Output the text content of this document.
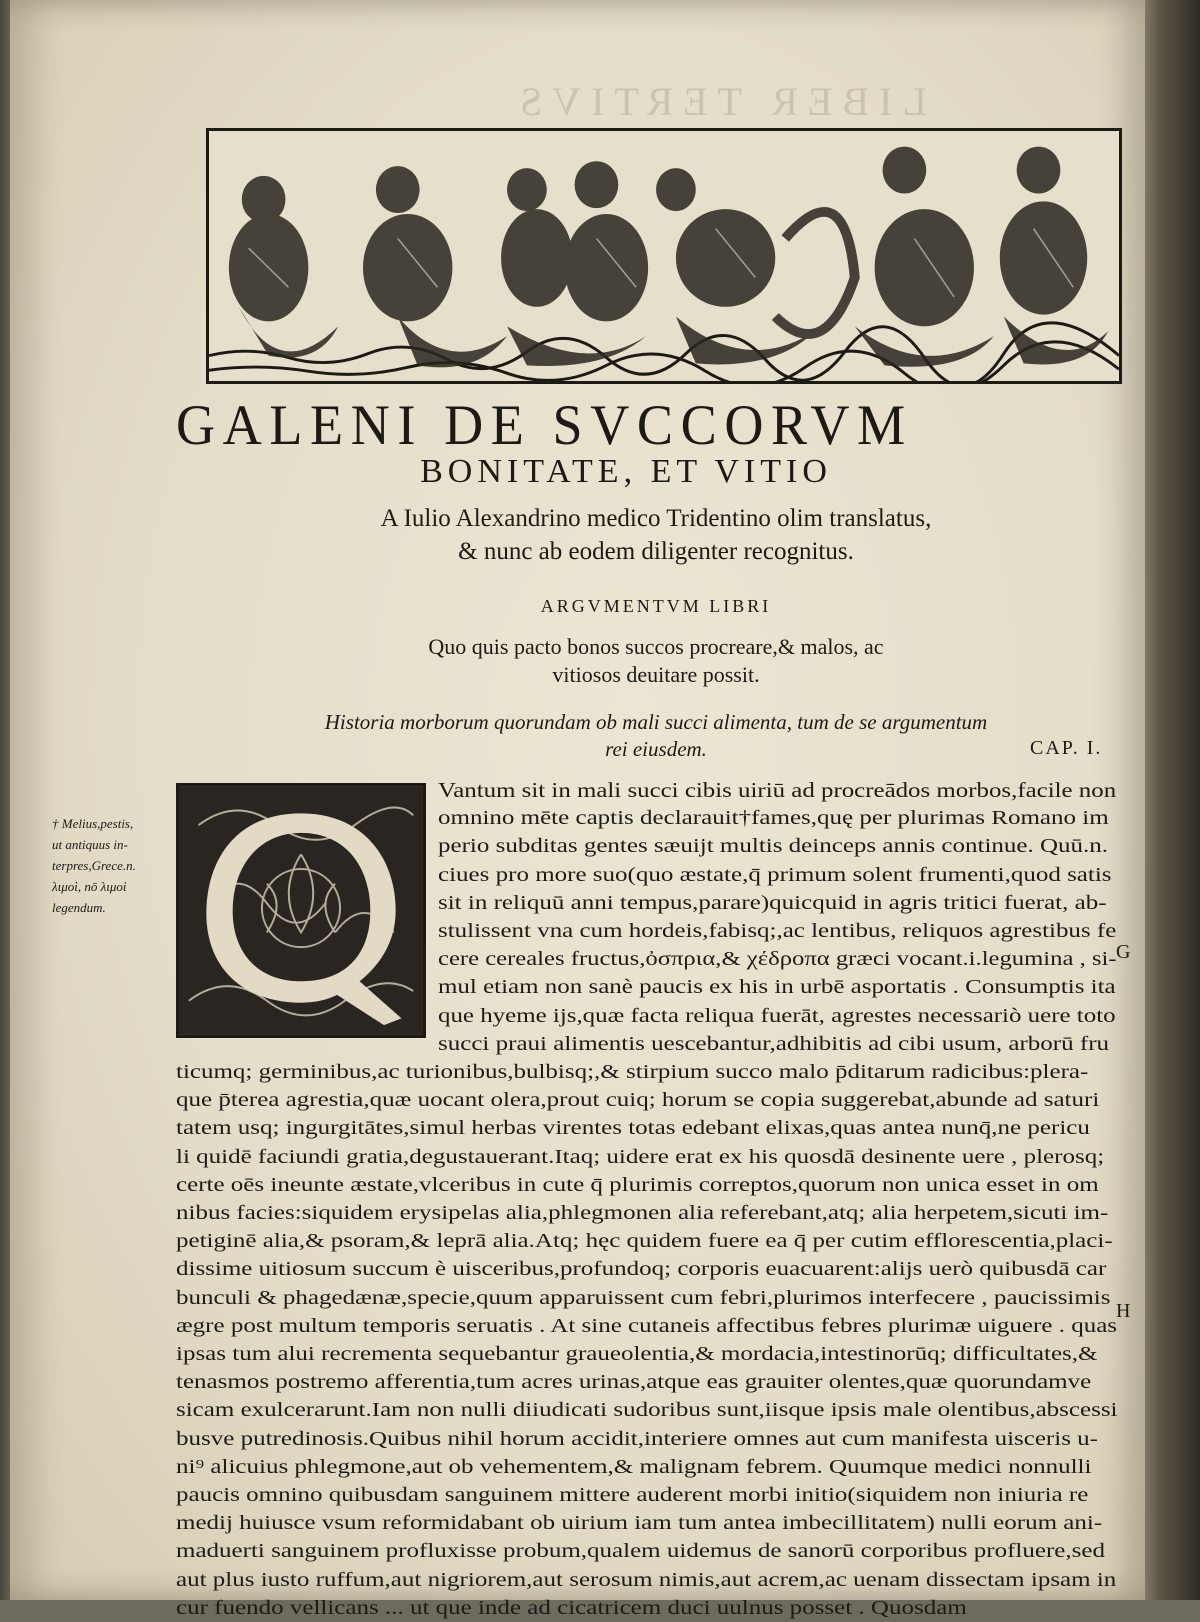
LIBER TERTIVS
GALENI DE SVCCORVM
BONITATE, ET VITIO
A Iulio Alexandrino medico Tridentino olim translatus,
& nunc ab eodem diligenter recognitus.
ARGVMENTVM LIBRI
Quo quis pacto bonos succos procreare,& malos, ac
vitiosos deuitare possit.
Historia morborum quorundam ob mali succi alimenta, tum de se argumentum
rei eiusdem.	CAP. I.
† Melius,pestis,
ut antiquus in-
terpres,Grece.n.
λιμοὶ, nō λιμοὶ
legendum.
Vantum sit in mali succi cibis uiriū ad procreādos morbos,facile non
omnino mēte captis declarauit†fames,quę per plurimas Romano im
perio subditas gentes sæuijt multis deinceps annis continue. Quū.n.
ciues pro more suo(quo æstate,q̄ primum solent frumenti,quod satis
sit in reliquū anni tempus,parare)quicquid in agris tritici fuerat, ab-
stulissent vna cum hordeis,fabisq;,ac lentibus, reliquos agrestibus fe
cere cereales fructus,ὀσπρια,& χέδροπα græci vocant.i.legumina , si-
mul etiam non sanè paucis ex his in urbē asportatis . Consumptis ita
que hyeme ijs,quæ facta reliqua fuerāt, agrestes necessariò uere toto
succi praui alimentis uescebantur,adhibitis ad cibi usum, arborū fru
ticumq; germinibus,ac turionibus,bulbisq;,& stirpium succo malo p̄ditarum radicibus:plera-
que p̄terea agrestia,quæ uocant olera,prout cuiq; horum se copia suggerebat,abunde ad saturi
tatem usq; ingurgitātes,simul herbas virentes totas edebant elixas,quas antea nunq̄,ne pericu
li quidē faciundi gratia,degustauerant.Itaq; uidere erat ex his quosdā desinente uere , plerosq;
certe oēs ineunte æstate,vlceribus in cute q̄ plurimis correptos,quorum non unica esset in om
nibus facies:siquidem erysipelas alia,phlegmonen alia referebant,atq; alia herpetem,sicuti im-
petiginē alia,& psoram,& leprā alia.Atq; hęc quidem fuere ea q̄ per cutim efflorescentia,placi-
dissime uitiosum succum è uisceribus,profundoq; corporis euacuarent:alijs uerò quibusdā car
bunculi & phagedænæ,specie,quum apparuissent cum febri,plurimos interfecere , paucissimis
ægre post multum temporis seruatis . At sine cutaneis affectibus febres plurimæ uiguere . quas
ipsas tum alui recrementa sequebantur graueolentia,& mordacia,intestinorūq; difficultates,&
tenasmos postremo afferentia,tum acres urinas,atque eas grauiter olentes,quæ quorundamve
sicam exulcerarunt.Iam non nulli diiudicati sudoribus sunt,iisque ipsis male olentibus,abscessi
busve putredinosis.Quibus nihil horum accidit,interiere omnes aut cum manifesta uisceris u-
ni⁹ alicuius phlegmone,aut ob vehementem,& malignam febrem. Quumque medici nonnulli
paucis omnino quibusdam sanguinem mittere auderent morbi initio(siquidem non iniuria re
medij huiusce vsum reformidabant ob uirium iam tum antea imbecillitatem) nulli eorum ani-
maduerti sanguinem profluxisse probum,qualem uidemus de sanorū corporibus profluere,sed
aut plus iusto ruffum,aut nigriorem,aut serosum nimis,aut acrem,ac uenam dissectam ipsam in
cur fuendo vellicans ... ut que inde ad cicatricem duci uulnus posset . Quosdam
G
H
